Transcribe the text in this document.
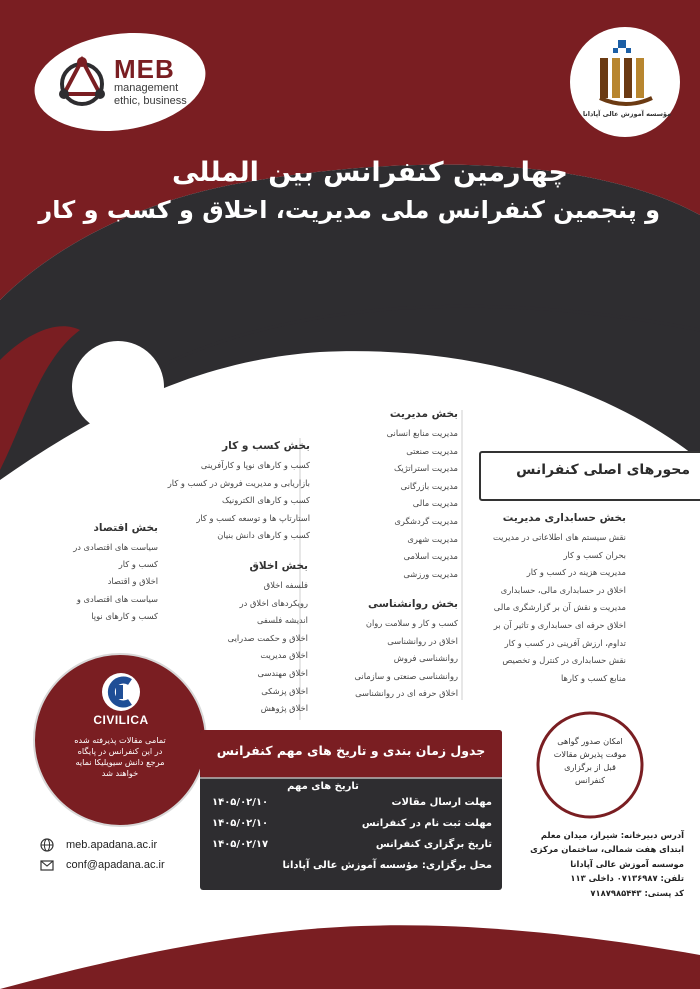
مؤسسه آموزش عالی آپادانا
MEB
management
ethic, business
چهارمین کنفرانس بین المللی
و پنجمین کنفرانس ملی مدیریت، اخلاق و کسب و کار
محورهای اصلی کنفرانس
بخش مدیریت
مدیریت منابع انسانی
مدیریت صنعتی
مدیریت استراتژیک
مدیریت بازرگانی
مدیریت مالی
مدیریت گردشگری
مدیریت شهری
مدیریت اسلامی
مدیریت ورزشی
بخش کسب و کار
کسب و کارهای نوپا و کارآفرینی
بازاریابی و مدیریت فروش در کسب و کار
کسب و کارهای الکترونیک
استارتاپ ها و توسعه کسب و کار
کسب و کارهای دانش بنیان
بخش اقتصاد
سیاست های اقتصادی در
کسب و کار
اخلاق و اقتصاد
سیاست های اقتصادی و
کسب و کارهای نوپا
بخش اخلاق
فلسفه اخلاق
رویکردهای اخلاق در
اندیشه فلسفی
اخلاق و حکمت صدرایی
اخلاق مدیریت
اخلاق مهندسی
اخلاق پزشکی
اخلاق پژوهش
بخش روانشناسی
کسب و کار و سلامت روان
اخلاق در روانشناسی
روانشناسی فروش
روانشناسی صنعتی و سازمانی
اخلاق حرفه ای در روانشناسی
بخش حسابداری مدیریت
نقش سیستم های اطلاعاتی در مدیریت
بحران کسب و کار
مدیریت هزینه در کسب و کار
اخلاق در حسابداری مالی، حسابداری
مدیریت و نقش آن بر گزارشگری مالی
اخلاق حرفه ای حسابداری و تاثیر آن بر
تداوم، ارزش آفرینی در کسب و کار
نقش حسابداری در کنترل و تخصیص
منابع کسب و کارها
CIVILICA
تمامی مقالات پذیرفته شده
در این کنفرانس در پایگاه
مرجع دانش سیویلیکا نمایه
خواهند شد
جدول زمان بندی و تاریخ های مهم کنفرانس
تاریخ های مهم
۱۴۰۵/۰۲/۱۰	مهلت ارسال مقالات
۱۴۰۵/۰۲/۱۰	مهلت ثبت نام در کنفرانس
۱۴۰۵/۰۲/۱۷	تاریخ برگزاری کنفرانس
محل برگزاری: مؤسسه آموزش عالی آپادانا
امکان صدور گواهی
موقت پذیرش مقالات
قبل از برگزاری
کنفرانس
meb.apadana.ac.ir
conf@apadana.ac.ir
آدرس دبیرخانه: شیراز، میدان معلم
ابتدای هفت شمالی، ساختمان مرکزی
موسسه آموزش عالی آپادانا
تلفن: ۰۷۱۳۶۹۸۷ داخلی ۱۱۳
کد پستی: ۷۱۸۷۹۸۵۴۴۳
